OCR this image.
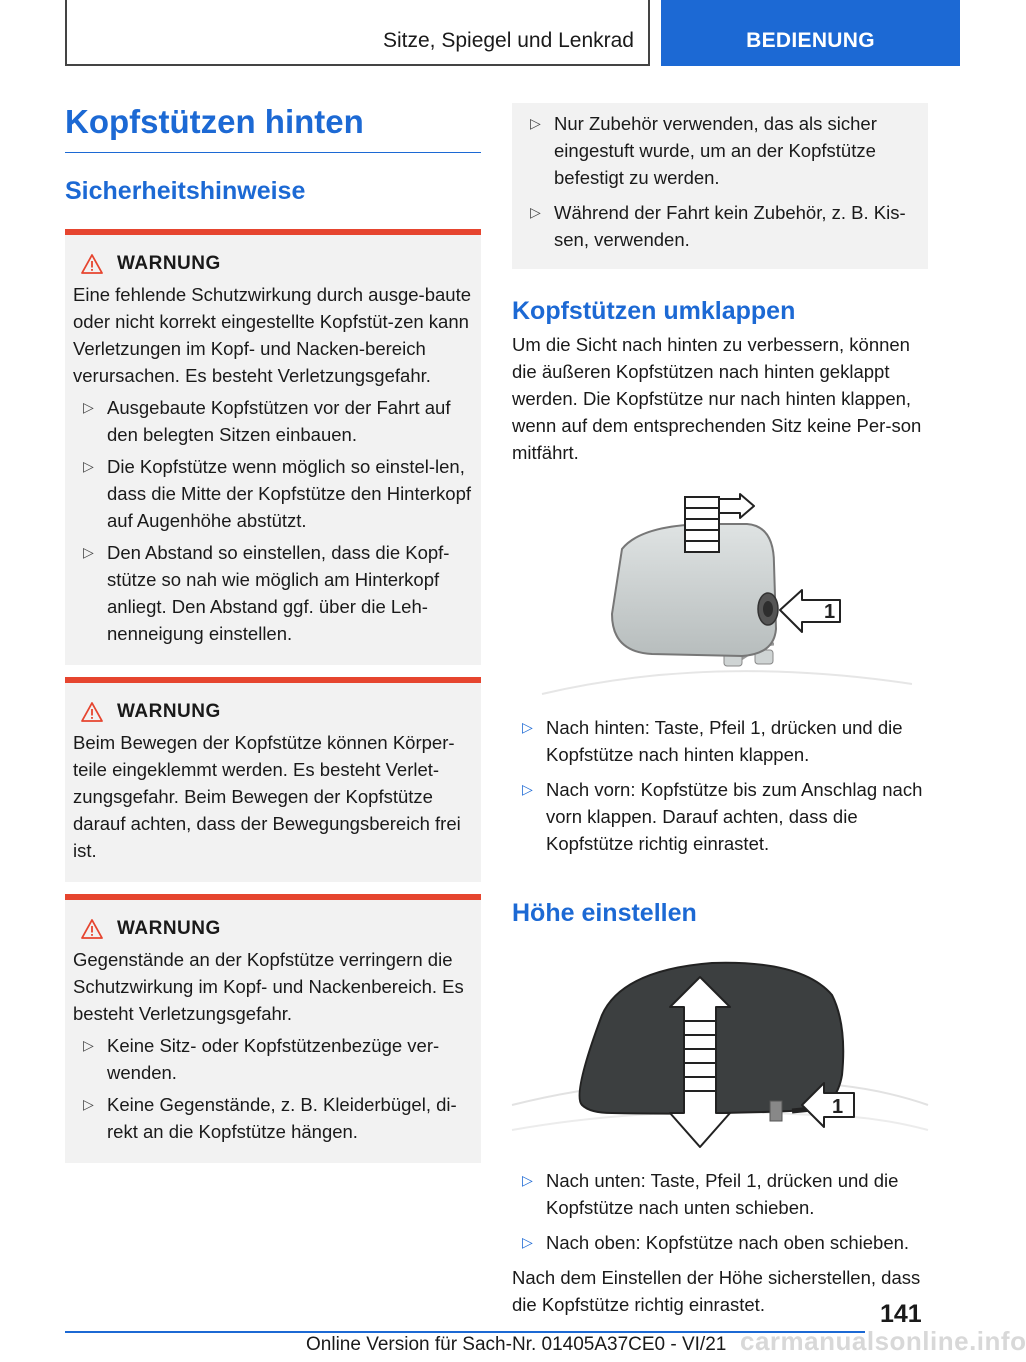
Sitze, Spiegel und Lenkrad	BEDIENUNG
Kopfstützen hinten
Sicherheitshinweise
WARNUNG

Eine fehlende Schutzwirkung durch ausge-baute oder nicht korrekt eingestellte Kopfstüt-zen kann Verletzungen im Kopf- und Nacken-bereich verursachen. Es besteht Verletzungsgefahr.

▷ Ausgebaute Kopfstützen vor der Fahrt auf den belegten Sitzen einbauen.
▷ Die Kopfstütze wenn möglich so einstel-len, dass die Mitte der Kopfstütze den Hinterkopf auf Augenhöhe abstützt.
▷ Den Abstand so einstellen, dass die Kopf-stütze so nah wie möglich am Hinterkopf anliegt. Den Abstand ggf. über die Leh-nenneigung einstellen.
WARNUNG

Beim Bewegen der Kopfstütze können Körper-teile eingeklemmt werden. Es besteht Verlet-zungsgefahr. Beim Bewegen der Kopfstütze darauf achten, dass der Bewegungsbereich frei ist.

WARNUNG

Gegenstände an der Kopfstütze verringern die Schutzwirkung im Kopf- und Nackenbereich. Es besteht Verletzungsgefahr.

▷ Keine Sitz- oder Kopfstützenbezüge ver-wenden.
▷ Keine Gegenstände, z. B. Kleiderbügel, di-rekt an die Kopfstütze hängen.
▷ Nur Zubehör verwenden, das als sicher eingestuft wurde, um an der Kopfstütze befestigt zu werden.
▷ Während der Fahrt kein Zubehör, z. B. Kis-sen, verwenden.
Kopfstützen umklappen

Um die Sicht nach hinten zu verbessern, können die äußeren Kopfstützen nach hinten geklappt werden. Die Kopfstütze nur nach hinten klappen, wenn auf dem entsprechenden Sitz keine Per-son mitfährt.

1
▷ Nach hinten: Taste, Pfeil 1, drücken und die Kopfstütze nach hinten klappen.
▷ Nach vorn: Kopfstütze bis zum Anschlag nach vorn klappen. Darauf achten, dass die Kopfstütze richtig einrastet.
Höhe einstellen
1
▷ Nach unten: Taste, Pfeil 1, drücken und die Kopfstütze nach unten schieben.
▷ Nach oben: Kopfstütze nach oben schieben.

Nach dem Einstellen der Höhe sicherstellen, dass die Kopfstütze richtig einrastet.	141
Online Version für Sach-Nr. 01405A37CE0 - VI/21 carmanualsonline.info
